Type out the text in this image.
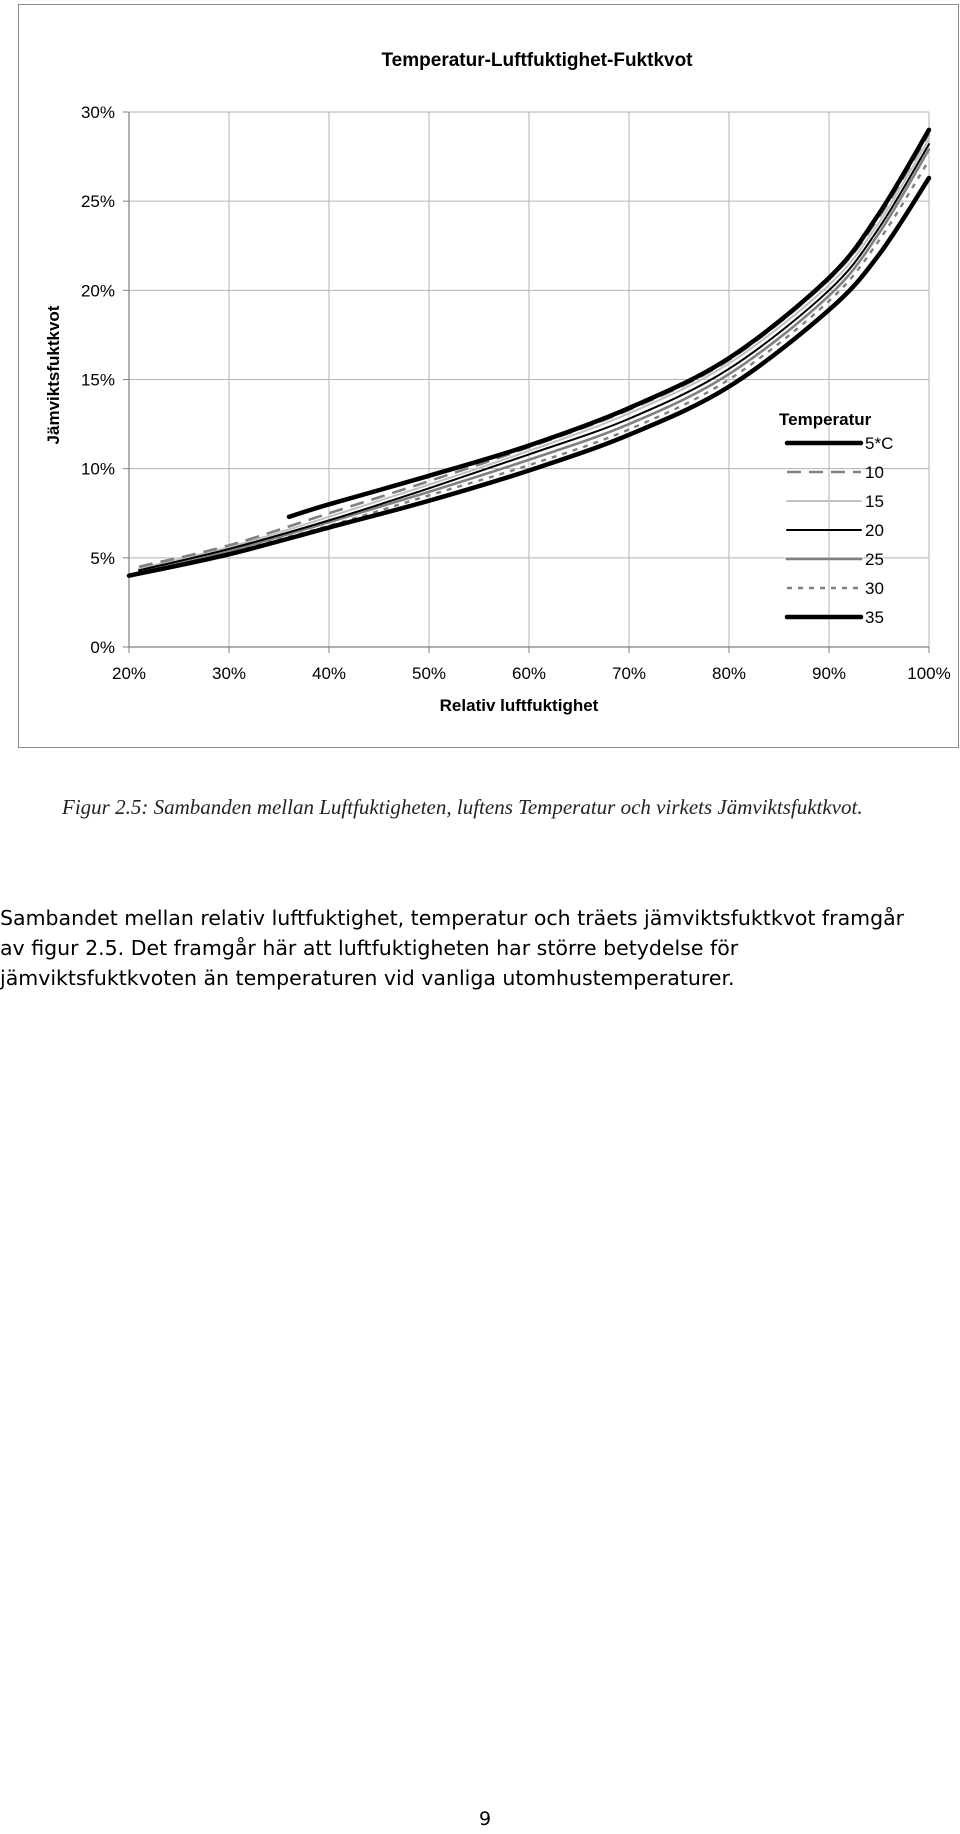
Temperatur-Luftfuktighet-Fuktkvot
Jämviktsfuktkvot
Relativ luftfuktighet
20%	30%	40%	50%	60%	70%	80%	90%	100%
0%
5%
10%
15%
20%
25%
30%
Temperatur
5*C
10
15
20
25
30
35
Figur 2.5: Sambanden mellan Luftfuktigheten, luftens Temperatur och virkets Jämviktsfuktkvot.
Sambandet mellan relativ luftfuktighet, temperatur och träets jämviktsfuktkvot framgår
av figur 2.5. Det framgår här att luftfuktigheten har större betydelse för
jämviktsfuktkvoten än temperaturen vid vanliga utomhustemperaturer.
9
